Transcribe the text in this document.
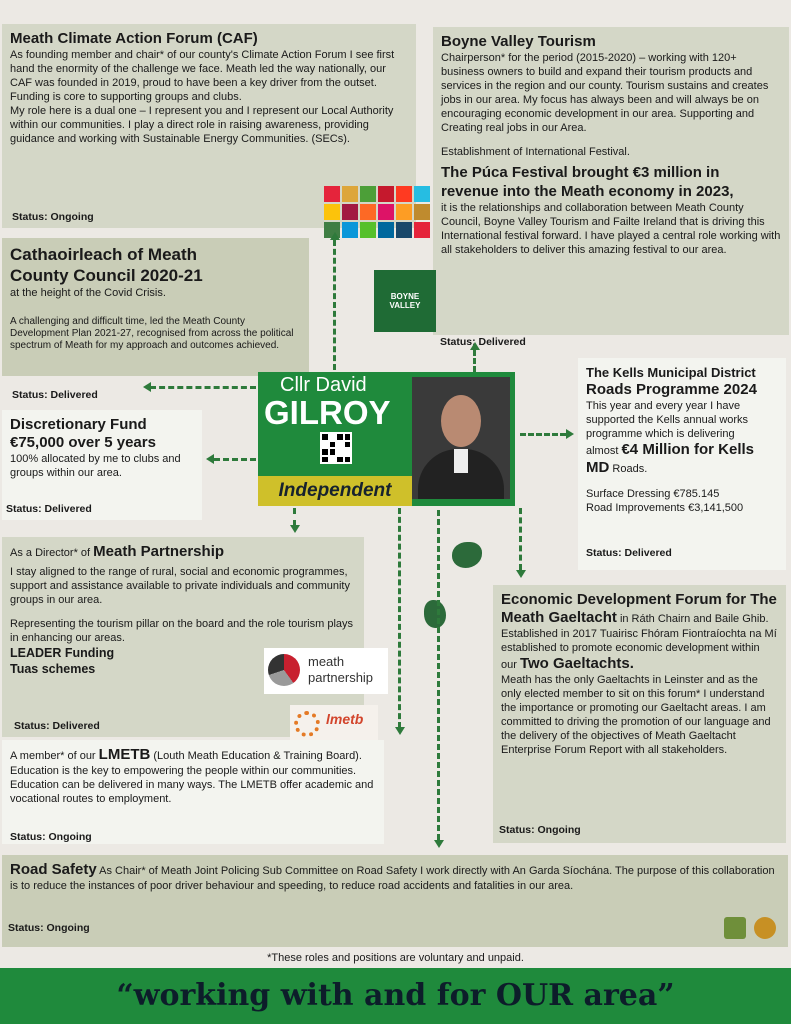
Meath Climate Action Forum (CAF)

As founding member and chair* of our county's Climate Action Forum I see first hand the enormity of the challenge we face. Meath led the way nationally, our CAF was founded in 2019, proud to have been a key driver from the outset. Funding is core to supporting groups and clubs.

My role here is a dual one – I represent you and I represent our Local Authority within our communities. I play a direct role in raising awareness, providing guidance and working with Sustainable Energy Communities. (SECs).

Status: Ongoing
Boyne Valley Tourism

Chairperson* for the period (2015-2020) – working with 120+ business owners to build and expand their tourism products and services in the region and our county. Tourism sustains and creates jobs in our area. My focus has always been and will always be on encouraging economic development in our area. Supporting and Creating real jobs in our Area.

Establishment of International Festival.

The Púca Festival brought €3 million in revenue into the Meath economy in 2023,

it is the relationships and collaboration between Meath County Council, Boyne Valley Tourism and Failte Ireland that is driving this International festival forward. I have played a central role working with all stakeholders to deliver this amazing festival to our area.

Status: Delivered
BOYNE VALLEY
Cathaoirleach of Meath County Council 2020-21

at the height of the Covid Crisis.

A challenging and difficult time, led the Meath County Development Plan 2021-27, recognised from across the political spectrum of Meath for my approach and outcomes achieved.

Status: Delivered	Cllr David
GILROY
Independent
Discretionary Fund
€75,000 over 5 years

100% allocated by me to clubs and groups within our area.

Status: Delivered
The Kells Municipal District
Roads Programme 2024

This year and every year I have supported the Kells annual works programme which is delivering

almost €4 Million for Kells MD Roads.

Surface Dressing €785.145

Road Improvements €3,141,500

Status: Delivered

As a Director* of Meath Partnership

I stay aligned to the range of rural, social and economic programmes, support and assistance available to private individuals and community groups in our area.

Representing the tourism pillar on the board and the role tourism plays in enhancing our areas.

LEADER Funding

Tuas schemes

Status: Delivered
meath
partnership
Economic Development Forum for The Meath Gaeltacht in Ráth Chairn and Baile Ghib.

Established in 2017 Tuairisc Fhóram Fiontraíochta na Mí established to promote economic development within our Two Gaeltachts.

Meath has the only Gaeltachts in Leinster and as the only elected member to sit on this forum* I understand the importance or promoting our Gaeltacht areas. I am committed to driving the promotion of our language and the delivery of the objectives of Meath Gaeltacht Enterprise Forum Report with all stakeholders.

Status: Ongoing
lmetb

A member* of our LMETB (Louth Meath Education & Training Board). Education is the key to empowering the people within our communities. Education can be delivered in many ways. The LMETB offer academic and vocational routes to employment.

Status: Ongoing

Road Safety As Chair* of Meath Joint Policing Sub Committee on Road Safety I work directly with An Garda Síochána. The purpose of this collaboration is to reduce the instances of poor driver behaviour and speeding, to reduce road accidents and fatalities in our area.

Status: Ongoing
*These roles and positions are voluntary and unpaid.
“working with and for OUR area”
